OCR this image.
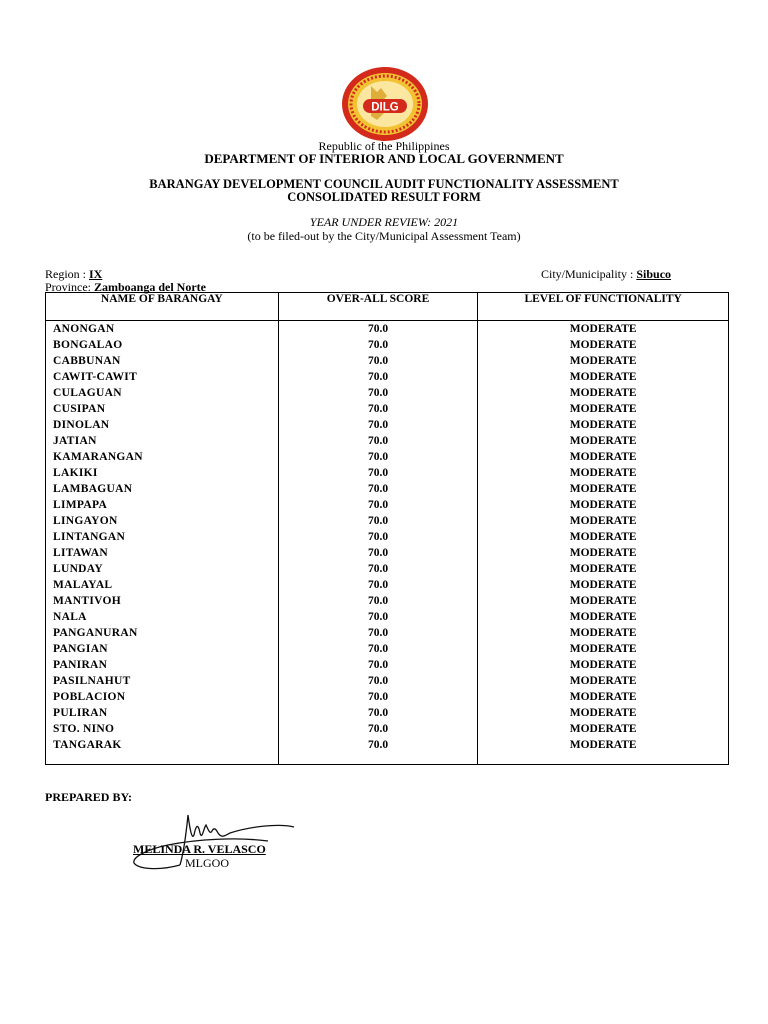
DILG
Republic of the Philippines
DEPARTMENT OF INTERIOR AND LOCAL GOVERNMENT
BARANGAY DEVELOPMENT COUNCIL AUDIT FUNCTIONALITY ASSESSMENT
CONSOLIDATED RESULT FORM
YEAR UNDER REVIEW: 2021
(to be filed-out by the City/Municipal Assessment Team)
Region : IX	City/Municipality : Sibuco
Province: Zamboanga del Norte
NAME OF BARANGAY	OVER-ALL SCORE	LEVEL OF FUNCTIONALITY
ANONGAN	70.0	MODERATE
BONGALAO	70.0	MODERATE
CABBUNAN	70.0	MODERATE
CAWIT-CAWIT	70.0	MODERATE
CULAGUAN	70.0	MODERATE
CUSIPAN	70.0	MODERATE
DINOLAN	70.0	MODERATE
JATIAN	70.0	MODERATE
KAMARANGAN	70.0	MODERATE
LAKIKI	70.0	MODERATE
LAMBAGUAN	70.0	MODERATE
LIMPAPA	70.0	MODERATE
LINGAYON	70.0	MODERATE
LINTANGAN	70.0	MODERATE
LITAWAN	70.0	MODERATE
LUNDAY	70.0	MODERATE
MALAYAL	70.0	MODERATE
MANTIVOH	70.0	MODERATE
NALA	70.0	MODERATE
PANGANURAN	70.0	MODERATE
PANGIAN	70.0	MODERATE
PANIRAN	70.0	MODERATE
PASILNAHUT	70.0	MODERATE
POBLACION	70.0	MODERATE
PULIRAN	70.0	MODERATE
STO. NINO	70.0	MODERATE
TANGARAK	70.0	MODERATE
PREPARED BY:
MELINDA R. VELASCO
MLGOO
